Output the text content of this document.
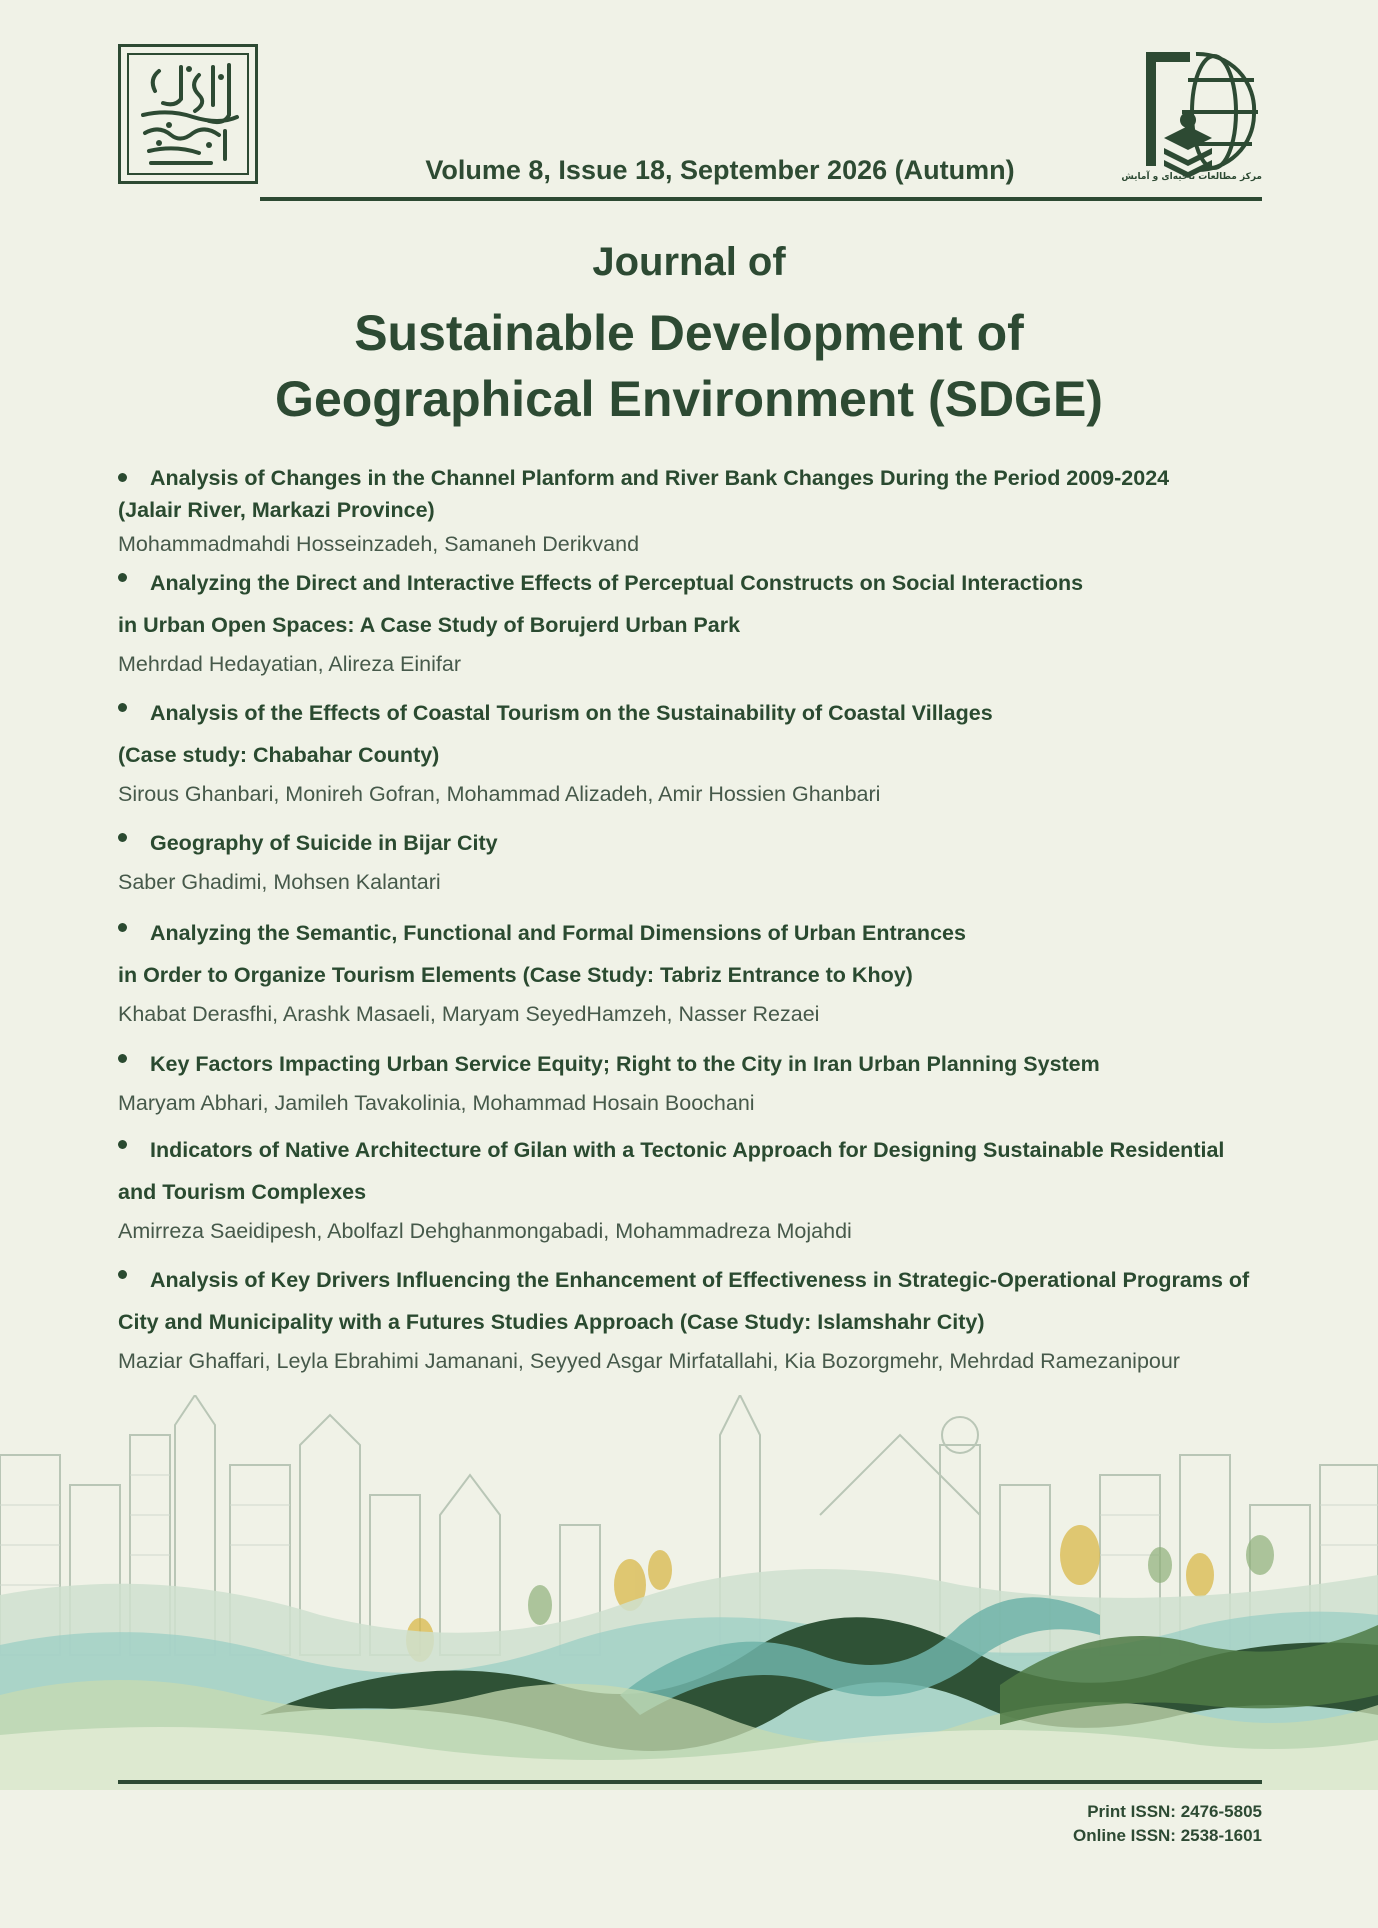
مرکز مطالعات ناحیه‌ای و آمایش
Volume 8, Issue 18, September 2026 (Autumn)
Journal of
Sustainable Development of
Geographical Environment (SDGE)

Analysis of Changes in the Channel Planform and River Bank Changes During the Period 2009-2024

(Jalair River, Markazi Province)

Mohammadmahdi Hosseinzadeh, Samaneh Derikvand

Analyzing the Direct and Interactive Effects of Perceptual Constructs on Social Interactions

in Urban Open Spaces: A Case Study of Borujerd Urban Park

Mehrdad Hedayatian, Alireza Einifar

Analysis of the Effects of Coastal Tourism on the Sustainability of Coastal Villages

(Case study: Chabahar County)

Sirous Ghanbari, Monireh Gofran, Mohammad Alizadeh, Amir Hossien Ghanbari

Geography of Suicide in Bijar City

Saber Ghadimi, Mohsen Kalantari

Analyzing the Semantic, Functional and Formal Dimensions of Urban Entrances

in Order to Organize Tourism Elements (Case Study: Tabriz Entrance to Khoy)

Khabat Derasfhi, Arashk Masaeli, Maryam SeyedHamzeh, Nasser Rezaei

Key Factors Impacting Urban Service Equity; Right to the City in Iran Urban Planning System

Maryam Abhari, Jamileh Tavakolinia, Mohammad Hosain Boochani

Indicators of Native Architecture of Gilan with a Tectonic Approach for Designing Sustainable Residential

and Tourism Complexes

Amirreza Saeidipesh, Abolfazl Dehghanmongabadi, Mohammadreza Mojahdi

Analysis of Key Drivers Influencing the Enhancement of Effectiveness in Strategic-Operational Programs of

City and Municipality with a Futures Studies Approach (Case Study: Islamshahr City)

Maziar Ghaffari, Leyla Ebrahimi Jamanani, Seyyed Asgar Mirfatallahi, Kia Bozorgmehr, Mehrdad Ramezanipour

Print ISSN: 2476-5805
Online ISSN: 2538-1601
